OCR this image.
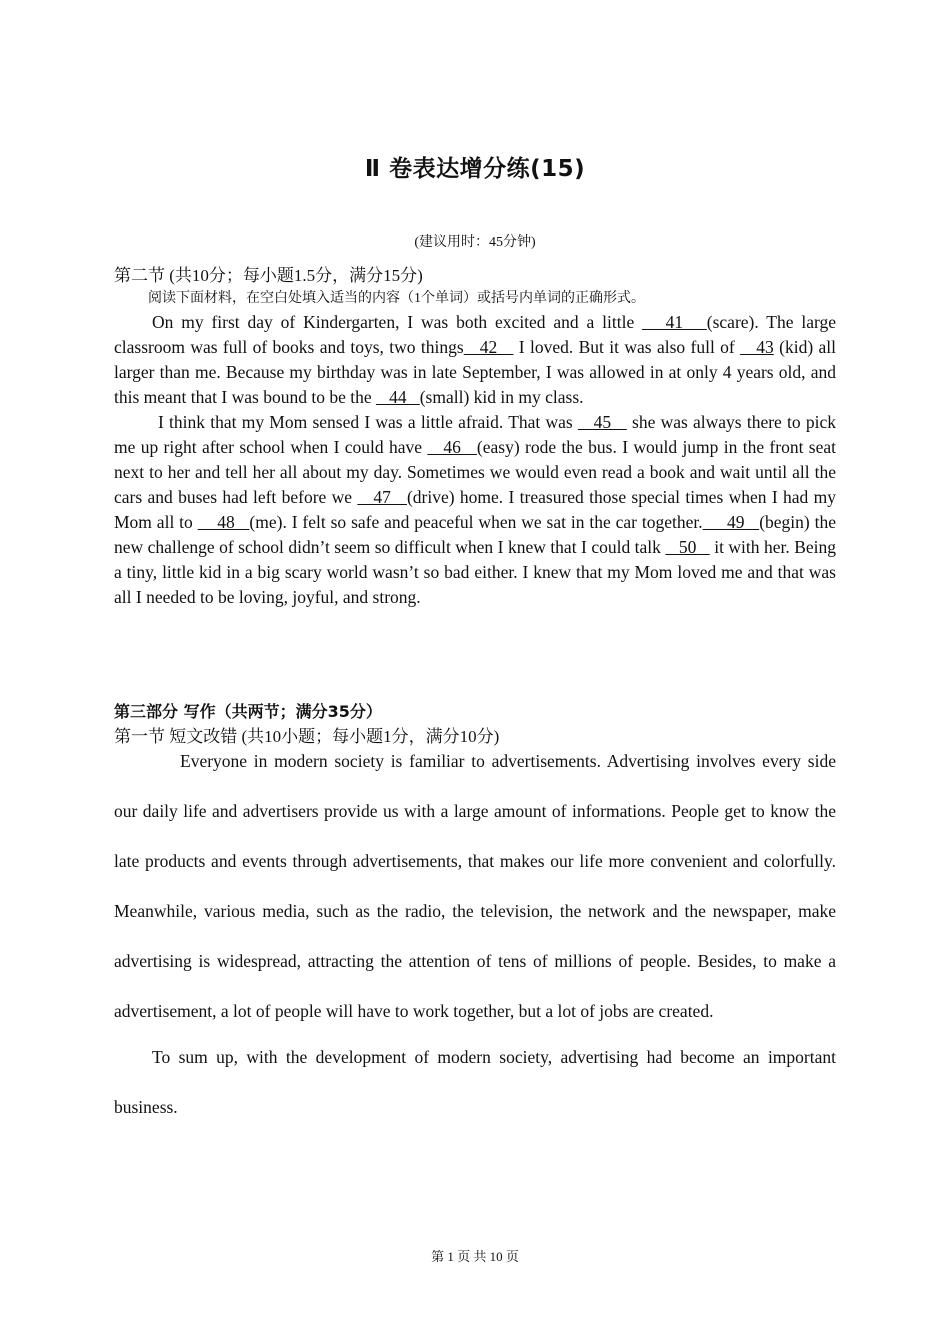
Ⅱ 卷表达增分练(15)
(建议用时：45分钟)
第二节 (共10分；每小题1.5分，满分15分)
阅读下面材料，在空白处填入适当的内容（1个单词）或括号内单词的正确形式。

On my first day of Kindergarten, I was both excited and a little    41   (scare). The large classroom was full of books and toys, two things   42    I loved. But it was also full of    43 (kid) all larger than me. Because my birthday was in late September, I was allowed in at only 4 years old, and this meant that I was bound to be the    44   (small) kid in my class.

I think that my Mom sensed I was a little afraid. That was    45    she was always there to pick me up right after school when I could have    46   (easy) rode the bus. I would jump in the front seat next to her and tell her all about my day. Sometimes we would even read a book and wait until all the cars and buses had left before we    47   (drive) home. I treasured those special times when I had my Mom all to     48   (me). I felt so safe and peaceful when we sat in the car together.     49   (begin) the new challenge of school didn’t seem so difficult when I knew that I could talk    50    it with her. Being a tiny, little kid in a big scary world wasn’t so bad either. I knew that my Mom loved me and that was all I needed to be loving, joyful, and strong.

第三部分 写作（共两节；满分35分）
第一节 短文改错 (共10小题；每小题1分，满分10分)

Everyone in modern society is familiar to advertisements. Advertising involves every side our daily life and advertisers provide us with a large amount of informations. People get to know the late products and events through advertisements, that makes our life more convenient and colorfully. Meanwhile, various media, such as the radio, the television, the network and the newspaper, make advertising is widespread, attracting the attention of tens of millions of people. Besides, to make a advertisement, a lot of people will have to work together, but a lot of jobs are created.

To sum up, with the development of modern society, advertising had become an important business.

第 1 页 共 10 页
